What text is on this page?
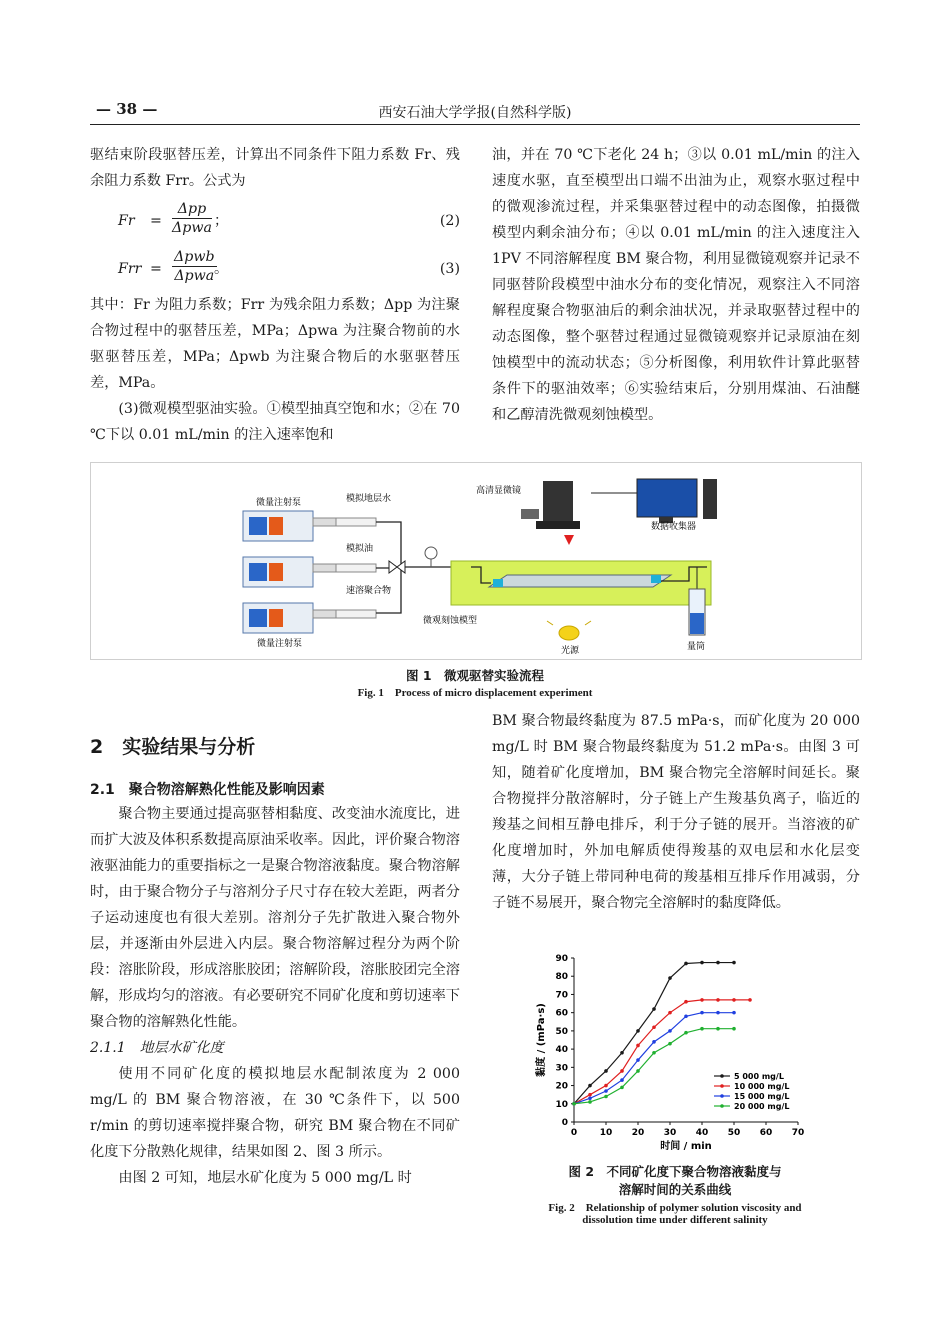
— 38 —	西安石油大学学报(自然科学版)

驱结束阶段驱替压差，计算出不同条件下阻力系数 Fr、残余阻力系数 Frr。公式为

Fr =
Δpp
Δpwa ；	(2)
Frr =
Δpwb
Δpwa 。	(3)

其中：Fr 为阻力系数；Frr 为残余阻力系数；Δpp 为注聚合物过程中的驱替压差，MPa；Δpwa 为注聚合物前的水驱驱替压差，MPa；Δpwb 为注聚合物后的水驱驱替压差，MPa。

(3)微观模型驱油实验。①模型抽真空饱和水；②在 70 ℃下以 0.01 mL/min 的注入速率饱和

油，并在 70 ℃下老化 24 h；③以 0.01 mL/min 的注入速度水驱，直至模型出口端不出油为止，观察水驱过程中的微观渗流过程，并采集驱替过程中的动态图像，拍摄微模型内剩余油分布；④以 0.01 mL/min 的注入速度注入 1PV 不同溶解程度 BM 聚合物，利用显微镜观察并记录不同驱替阶段模型中油水分布的变化情况，观察注入不同溶解程度聚合物驱油后的剩余油状况，并录取驱替过程中的动态图像，整个驱替过程通过显微镜观察并记录原油在刻蚀模型中的流动状态；⑤分析图像，利用软件计算此驱替条件下的驱油效率；⑥实验结束后，分别用煤油、石油醚和乙醇清洗微观刻蚀模型。

微量注射泵	模拟地层水
模拟油
速溶聚合物
微量注射泵
高清显微镜
数据收集器
微观刻蚀模型
量筒
光源
图 1　微观驱替实验流程
Fig. 1　Process of micro displacement experiment
2　实验结果与分析
2.1　聚合物溶解熟化性能及影响因素

聚合物主要通过提高驱替相黏度、改变油水流度比，进而扩大波及体积系数提高原油采收率。因此，评价聚合物溶液驱油能力的重要指标之一是聚合物溶液黏度。聚合物溶解时，由于聚合物分子与溶剂分子尺寸存在较大差距，两者分子运动速度也有很大差别。溶剂分子先扩散进入聚合物外层，并逐渐由外层进入内层。聚合物溶解过程分为两个阶段：溶胀阶段，形成溶胀胶团；溶解阶段，溶胀胶团完全溶解，形成均匀的溶液。有必要研究不同矿化度和剪切速率下聚合物的溶解熟化性能。

2.1.1　地层水矿化度

使用不同矿化度的模拟地层水配制浓度为 2 000 mg/L 的 BM 聚合物溶液，在 30 ℃条件下，以 500 r/min 的剪切速率搅拌聚合物，研究 BM 聚合物在不同矿化度下分散熟化规律，结果如图 2、图 3 所示。

由图 2 可知，地层水矿化度为 5 000 mg/L 时

BM 聚合物最终黏度为 87.5 mPa·s，而矿化度为 20 000 mg/L 时 BM 聚合物最终黏度为 51.2 mPa·s。由图 3 可知，随着矿化度增加，BM 聚合物完全溶解时间延长。聚合物搅拌分散溶解时，分子链上产生羧基负离子，临近的羧基之间相互静电排斥，利于分子链的展开。当溶液的矿化度增加时，外加电解质使得羧基的双电层和水化层变薄，大分子链上带同种电荷的羧基相互排斥作用减弱，分子链不易展开，聚合物完全溶解时的黏度降低。

0	10 20 30 40 50 60 70
0
10
20
30
40
50
60
70
80
90
时间 / min
黏度 / (mPa·s)	5 000 mg/L
10 000 mg/L
15 000 mg/L
20 000 mg/L
图 2　不同矿化度下聚合物溶液黏度与
溶解时间的关系曲线
Fig. 2　Relationship of polymer solution viscosity and
dissolution time under different salinity
